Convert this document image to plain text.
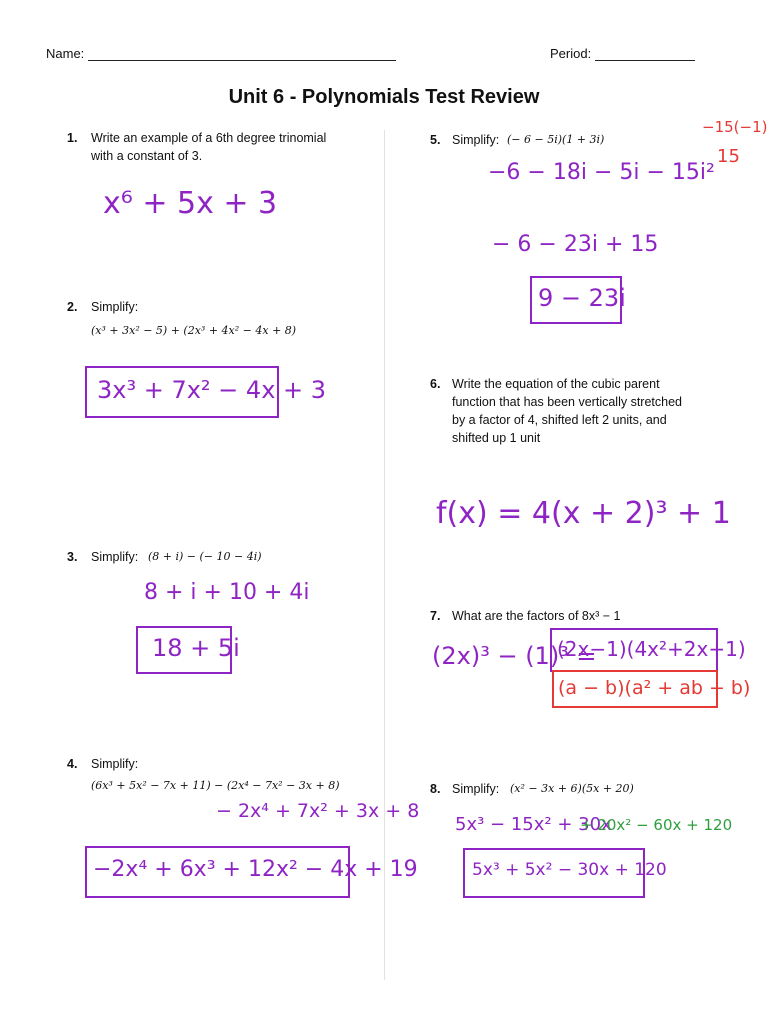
Name:	Period:
Unit 6 - Polynomials Test Review
1. Write an example of a 6th degree trinomial
with a constant of 3.
x⁶ + 5x + 3
2. Simplify:
(x³ + 3x² − 5) + (2x³ + 4x² − 4x + 8)
3x³ + 7x² − 4x + 3
3. Simplify: (8 + i) − (− 10 − 4i)
8 + i + 10 + 4i
18 + 5i
4. Simplify:
(6x³ + 5x² − 7x + 11) − (2x⁴ − 7x² − 3x + 8)
− 2x⁴ + 7x² + 3x + 8
−2x⁴ + 6x³ + 12x² − 4x + 19
5. Simplify: (− 6 − 5i)(1 + 3i)
−15(−1)
15
−6 − 18i − 5i − 15i²
− 6 − 23i + 15
9 − 23i
6. Write the equation of the cubic parent
function that has been vertically stretched
by a factor of 4, shifted left 2 units, and
shifted up 1 unit
f(x) = 4(x + 2)³ + 1
7. What are the factors of 8x³ − 1
(2x)³ − (1)³ =
(2x−1)(4x²+2x+1)
(a − b)(a² + ab + b)
8. Simplify: (x² − 3x + 6)(5x + 20)
5x³ − 15x² + 30x
+ 20x² − 60x + 120
5x³ + 5x² − 30x + 120
